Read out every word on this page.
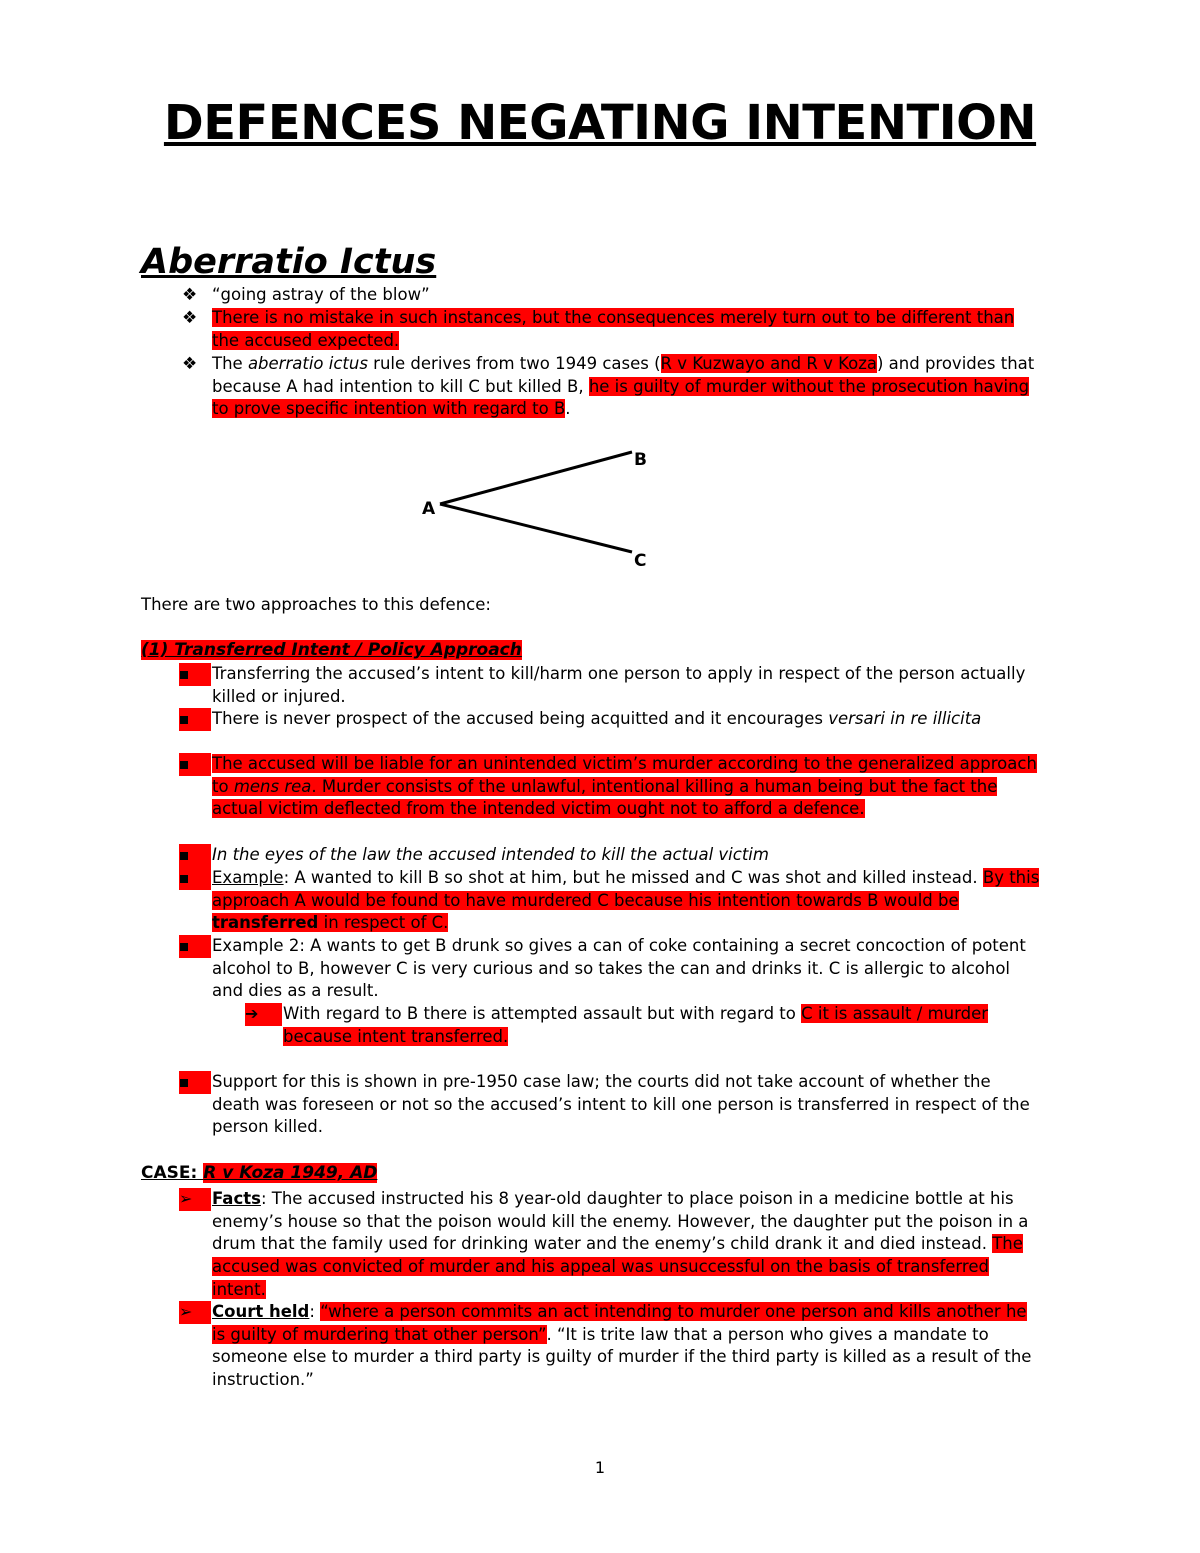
DEFENCES NEGATING INTENTION
Aberratio Ictus
❖ “going astray of the blow”
❖ There is no mistake in such instances, but the consequences merely turn out to be different than the accused expected.
❖ The aberratio ictus rule derives from two 1949 cases (R v Kuzwayo and R v Koza) and provides that because A had intention to kill C but killed B, he is guilty of murder without the prosecution having to prove specific intention with regard to B.
A
B
C

There are two approaches to this defence:

(1) Transferred Intent / Policy Approach
Transferring the accused’s intent to kill/harm one person to apply in respect of the person actually killed or injured.
There is never prospect of the accused being acquitted and it encourages versari in re illicita
The accused will be liable for an unintended victim’s murder according to the generalized approach to mens rea. Murder consists of the unlawful, intentional killing a human being but the fact the actual victim deflected from the intended victim ought not to afford a defence.
In the eyes of the law the accused intended to kill the actual victim
Example: A wanted to kill B so shot at him, but he missed and C was shot and killed instead. By this approach A would be found to have murdered C because his intention towards B would be transferred in respect of C.
Example 2: A wants to get B drunk so gives a can of coke containing a secret concoction of potent alcohol to B, however C is very curious and so takes the can and drinks it. C is allergic to alcohol and dies as a result.
➔	With regard to B there is attempted assault but with regard to C it is assault / murder because intent transferred.
Support for this is shown in pre-1950 case law; the courts did not take account of whether the death was foreseen or not so the accused’s intent to kill one person is transferred in respect of the person killed.
CASE: R v Koza 1949, AD
➢	Facts: The accused instructed his 8 year-old daughter to place poison in a medicine bottle at his enemy’s house so that the poison would kill the enemy. However, the daughter put the poison in a drum that the family used for drinking water and the enemy’s child drank it and died instead. The accused was convicted of murder and his appeal was unsuccessful on the basis of transferred intent.
➢	Court held: “where a person commits an act intending to murder one person and kills another he is guilty of murdering that other person”. “It is trite law that a person who gives a mandate to someone else to murder a third party is guilty of murder if the third party is killed as a result of the instruction.”
1
